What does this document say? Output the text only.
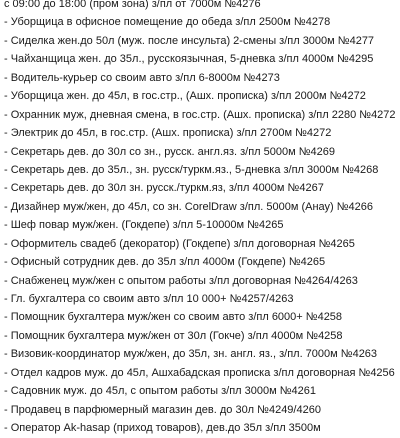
с 09:00 до 18:00 (пром зона) з/пл от 7000м №4276
- Уборщица в офисное помещение до обеда з/пл 2500м №4278
- Сиделка жен.до 50л (муж. после инсульта) 2-смены з/пл 3000м №4277
- Чайханщица жен. до 35л., русскоязычная, 5-дневка з/пл 4000м №4295
- Водитель-курьер со своим авто з/пл 6-8000м №4273
- Уборщица жен. до 45л, в гос.стр., (Ашх. прописка) з/пл 2000м №4272
- Охранник муж, дневная смена, в гос.стр. (Ашх. прописка) з/пл 2280 №4272
- Электрик до 45л, в гос.стр. (Ашх. прописка) з/пл 2700м №4272
- Секретарь дев. до 30л со зн., русск. англ.яз. з/пл 5000м №4269
- Секретарь дев. до 35л., зн. русск/туркм.яз., 5-дневка з/пл 3000м №4268
- Секретарь дев. до 30л зн. русск./туркм.яз, з/пл 4000м №4267
- Дизайнер муж/жен, до 45л, со зн. CorelDraw з/пл. 5000м (Анау) №4266
- Шеф повар муж/жен. (Гокдепе) з/пл 5-10000м №4265
- Оформитель свадеб (декоратор) (Гокдепе) з/пл договорная №4265
- Офисный сотрудник дев. до 35л з/пл 4000м (Гокдепе) №4265
- Снабженец муж/жен с опытом работы з/пл договорная №4264/4263
- Гл. бухгалтера со своим авто з/пл 10 000+ №4257/4263
- Помощник бухгалтера муж/жен со своим авто з/пл 6000+ №4258
- Помощник бухгалтера муж/жен от 30л (Гокче) з/пл 4000м №4258
- Визовик-координатор муж/жен, до 35л, зн. англ. яз., з/пл. 7000м №4263
- Отдел кадров муж. до 45л, Ашхабадская прописка з/пл договорная №4256
- Садовник муж. до 45л, с опытом работы з/пл 3000м №4261
- Продавец в парфюмерный магазин дев. до 30л №4249/4260
- Оператор Ak-hasap (приход товаров), дев.до 35л з/пл 3500м
